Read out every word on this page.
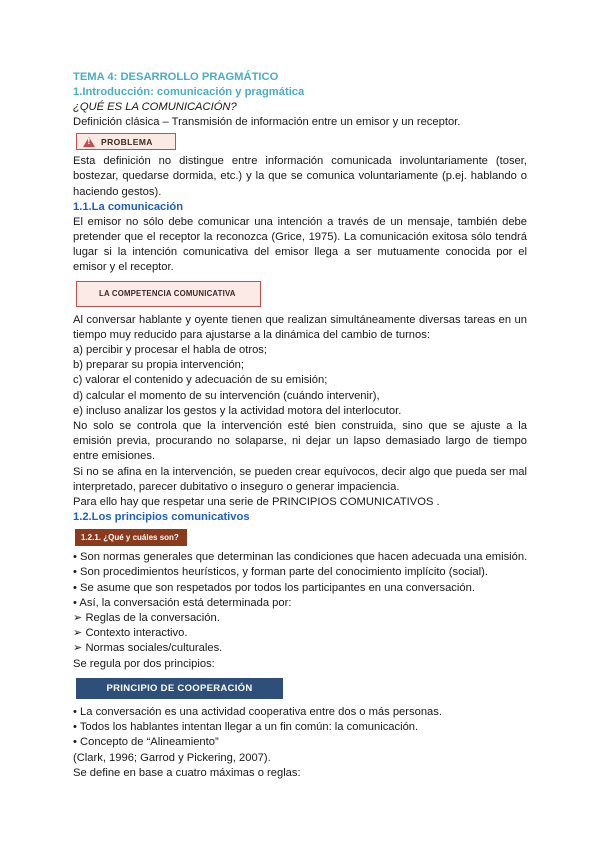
TEMA 4: DESARROLLO PRAGMÁTICO
1.Introducción: comunicación y pragmática
¿QUÉ ES LA COMUNICACIÓN?
Definición clásica – Transmisión de información entre un emisor y un receptor.
!
PROBLEMA
Esta definición no distingue entre información comunicada involuntariamente (toser, bostezar, quedarse dormida, etc.) y la que se comunica voluntariamente (p.ej. hablando o haciendo gestos).
1.1.La comunicación
El emisor no sólo debe comunicar una intención a través de un mensaje, también debe pretender que el receptor la reconozca (Grice, 1975). La comunicación exitosa sólo tendrá lugar si la intención comunicativa del emisor llega a ser mutuamente conocida por el emisor y el receptor.
LA COMPETENCIA COMUNICATIVA
Al conversar hablante y oyente tienen que realizan simultáneamente diversas tareas en un tiempo muy reducido para ajustarse a la dinámica del cambio de turnos:
a) percibir y procesar el habla de otros;
b) preparar su propia intervención;
c) valorar el contenido y adecuación de su emisión;
d) calcular el momento de su intervención (cuándo intervenir),
e) incluso analizar los gestos y la actividad motora del interlocutor.
No solo se controla que la intervención esté bien construida, sino que se ajuste a la emisión previa, procurando no solaparse, ni dejar un lapso demasiado largo de tiempo entre emisiones.
Si no se afina en la intervención, se pueden crear equívocos, decir algo que pueda ser mal interpretado, parecer dubitativo o inseguro o generar impaciencia.
Para ello hay que respetar una serie de PRINCIPIOS COMUNICATIVOS .
1.2.Los principios comunicativos
1.2.1. ¿Qué y cuáles son?
• Son normas generales que determinan las condiciones que hacen adecuada una emisión.
• Son procedimientos heurísticos, y forman parte del conocimiento implícito (social).
• Se asume que son respetados por todos los participantes en una conversación.
• Así, la conversación está determinada por:
➢ Reglas de la conversación.
➢ Contexto interactivo.
➢ Normas sociales/culturales.
Se regula por dos principios:
PRINCIPIO DE COOPERACIÓN
• La conversación es una actividad cooperativa entre dos o más personas.
• Todos los hablantes intentan llegar a un fin común: la comunicación.
• Concepto de “Alineamiento”
(Clark, 1996; Garrod y Pickering, 2007).
Se define en base a cuatro máximas o reglas:
